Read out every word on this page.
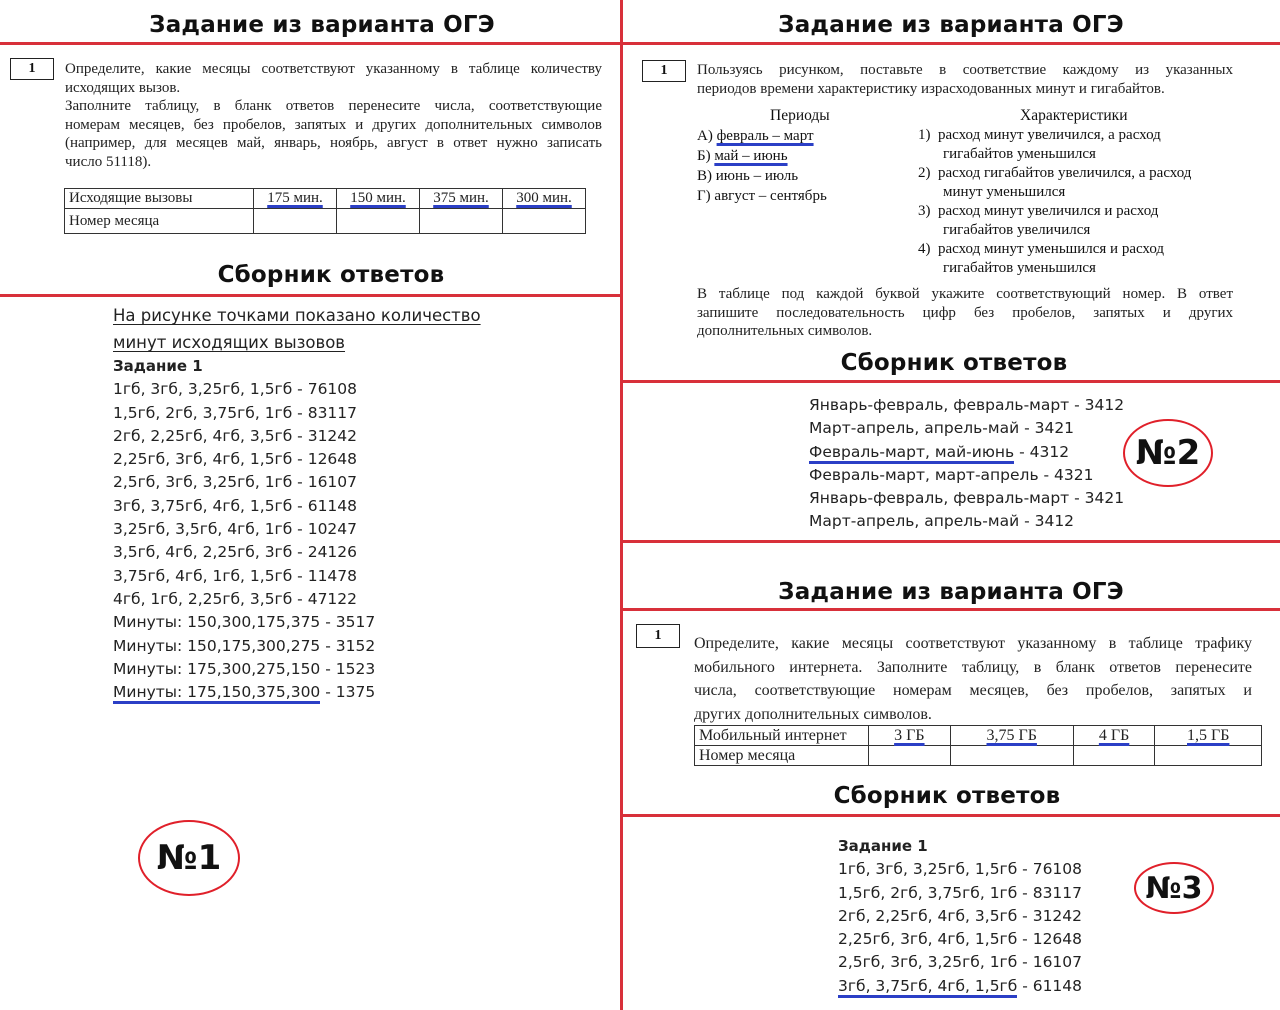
Задание из варианта ОГЭ
1	Определите, какие месяцы соответствуют указанному в таблице количеству
исходящих вызов.
Заполните таблицу, в бланк ответов перенесите числа, соответствующие
номерам месяцев, без пробелов, запятых и других дополнительных символов
(например, для месяцев май, январь, ноябрь, август в ответ нужно записать
число 51118).
Исходящие вызовы	175 мин.	150 мин.	375 мин.	300 мин.
Номер месяца				
Сборник ответов
На рисунке точками показано количество
минут исходящих вызовов
Задание 1
1гб, 3гб, 3,25гб, 1,5гб - 76108
1,5гб, 2гб, 3,75гб, 1гб - 83117
2гб, 2,25гб, 4гб, 3,5гб - 31242
2,25гб, 3гб, 4гб, 1,5гб - 12648
2,5гб, 3гб, 3,25гб, 1гб - 16107
3гб, 3,75гб, 4гб, 1,5гб - 61148
3,25гб, 3,5гб, 4гб, 1гб - 10247
3,5гб, 4гб, 2,25гб, 3гб - 24126
3,75гб, 4гб, 1гб, 1,5гб - 11478
4гб, 1гб, 2,25гб, 3,5гб - 47122
Минуты: 150,300,175,375 - 3517
Минуты: 150,175,300,275 - 3152
Минуты: 175,300,275,150 - 1523
Минуты: 175,150,375,300 - 1375
№1
Задание из варианта ОГЭ
1	Пользуясь рисунком, поставьте в соответствие каждому из указанных
периодов времени характеристику израсходованных минут и гигабайтов.
Периоды	Характеристики
А) февраль – март
Б) май – июнь
В) июнь – июль
Г) август – сентябрь
1) расход минут увеличился, а расход
гигабайтов уменьшился
2) расход гигабайтов увеличился, а расход
минут уменьшился
3) расход минут увеличился и расход
гигабайтов увеличился
4) расход минут уменьшился и расход
гигабайтов уменьшился
В таблице под каждой буквой укажите соответствующий номер. В ответ
запишите последовательность цифр без пробелов, запятых и других
дополнительных символов.
Сборник ответов
Январь-февраль, февраль-март - 3412
Март-апрель, апрель-май - 3421
Февраль-март, май-июнь - 4312
Февраль-март, март-апрель - 4321
Январь-февраль, февраль-март - 3421
Март-апрель, апрель-май - 3412
№2
Задание из варианта ОГЭ
1	Определите, какие месяцы соответствуют указанному в таблице трафику
мобильного интернета. Заполните таблицу, в бланк ответов перенесите
числа, соответствующие номерам месяцев, без пробелов, запятых и
других дополнительных символов.
Мобильный интернет	3 ГБ	3,75 ГБ	4 ГБ	1,5 ГБ
Номер месяца				
Сборник ответов
Задание 1
1гб, 3гб, 3,25гб, 1,5гб - 76108
1,5гб, 2гб, 3,75гб, 1гб - 83117
2гб, 2,25гб, 4гб, 3,5гб - 31242
2,25гб, 3гб, 4гб, 1,5гб - 12648
2,5гб, 3гб, 3,25гб, 1гб - 16107
3гб, 3,75гб, 4гб, 1,5гб - 61148
№3
